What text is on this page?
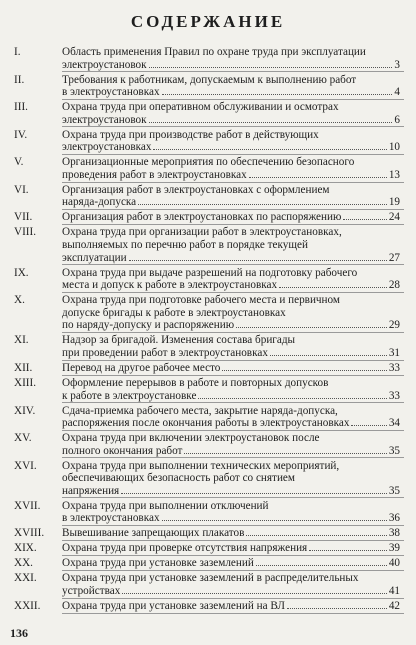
СОДЕРЖАНИЕ
I.	Область применения Правил по охране труда при эксплуатации
электроустановок	3
II.	Требования к работникам, допускаемым к выполнению работ
в электроустановках	4
III.	Охрана труда при оперативном обслуживании и осмотрах
электроустановок	6
IV.	Охрана труда при производстве работ в действующих
электроустановках	10
V.	Организационные мероприятия по обеспечению безопасного
проведения работ в электроустановках	13
VI.	Организация работ в электроустановках с оформлением
наряда-допуска	19
VII.	Организация работ в электроустановках по распоряжению	24
VIII. Охрана труда при организации работ в электроустановках,
выполняемых по перечню работ в порядке текущей
эксплуатации	27
IX.	Охрана труда при выдаче разрешений на подготовку рабочего
места и допуск к работе в электроустановках	28
X.	Охрана труда при подготовке рабочего места и первичном
допуске бригады к работе в электроустановках
по наряду-допуску и распоряжению	29
XI.	Надзор за бригадой. Изменения состава бригады
при проведении работ в электроустановках	31
XII.	Перевод на другое рабочее место	33
XIII. Оформление перерывов в работе и повторных допусков
к работе в электроустановке	33
XIV. Сдача-приемка рабочего места, закрытие наряда-допуска,
распоряжения после окончания работы в электроустановках	34
XV.	Охрана труда при включении электроустановок после
полного окончания работ	35
XVI. Охрана труда при выполнении технических мероприятий,
обеспечивающих безопасность работ со снятием
напряжения	35
XVII. Охрана труда при выполнении отключений
в электроустановках	36
XVIII. Вывешивание запрещающих плакатов	38
XIX. Охрана труда при проверке отсутствия напряжения	39
XX.	Охрана труда при установке заземлений	40
XXI. Охрана труда при установке заземлений в распределительных
устройствах	41
XXII. Охрана труда при установке заземлений на ВЛ	42
136
